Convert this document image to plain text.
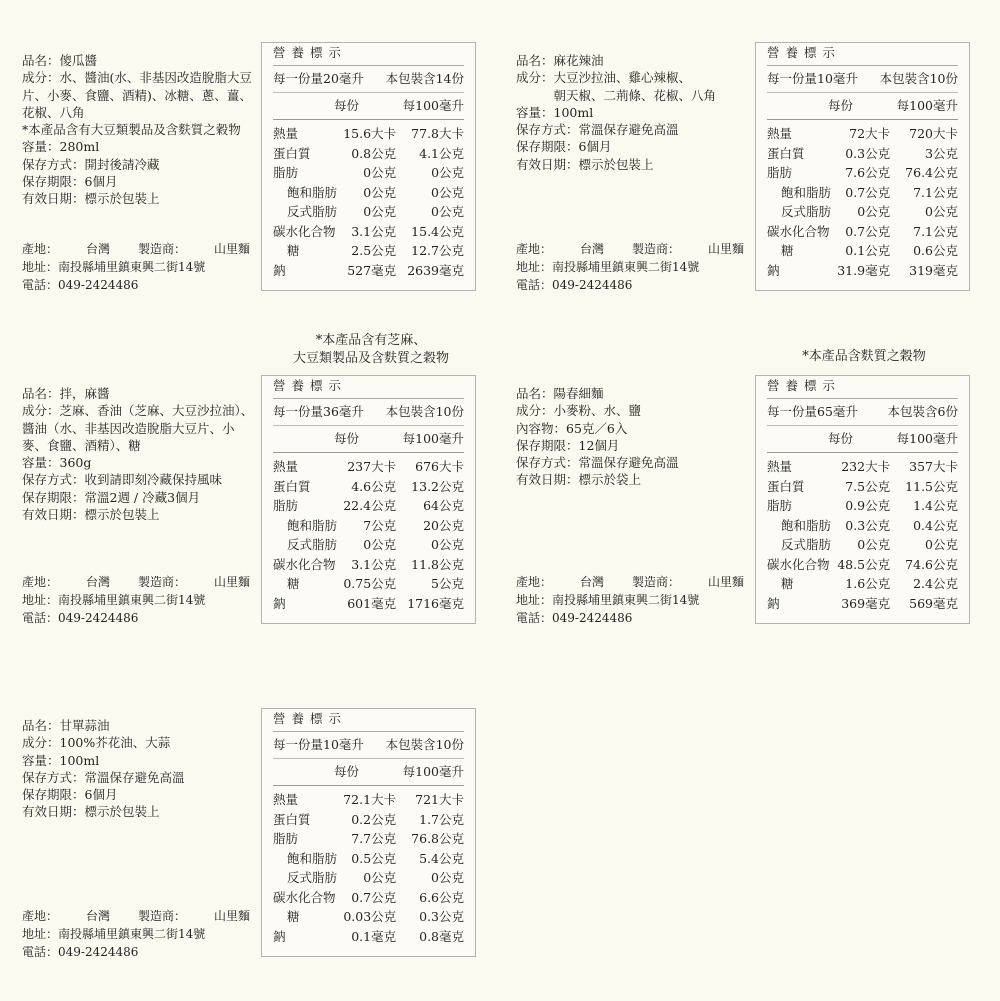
品名：傻瓜醬
成分：水、醬油(水、非基因改造脫脂大豆片、小麥、食鹽、酒精)、冰糖、蔥、薑、花椒、八角
*本產品含有大豆類製品及含麩質之穀物
容量：280ml
保存方式：開封後請冷藏
保存期限：6個月
有效日期：標示於包裝上
營 養 標 示
每一份量20毫升 本包裝含14份
每份	每100毫升
熱量	15.6大卡	77.8大卡
蛋白質	0.8公克	4.1公克
脂肪	0公克	0公克
飽和脂肪	0公克	0公克
反式脂肪	0公克	0公克
碳水化合物	3.1公克	15.4公克
糖	2.5公克	12.7公克
鈉	527毫克 2639毫克
產地： 台灣 製造商： 山里麵
地址：南投縣埔里鎮東興二街14號
電話：049-2424486
品名：麻花辣油
成分：大豆沙拉油、雞心辣椒、
　　　朝天椒、二荊條、花椒、八角
容量：100ml
保存方式：常溫保存避免高溫
保存期限：6個月
有效日期：標示於包裝上
營 養 標 示
每一份量10毫升 本包裝含10份
每份	每100毫升
熱量	72大卡	720大卡
蛋白質	0.3公克	3公克
脂肪	7.6公克	76.4公克
飽和脂肪	0.7公克	7.1公克
反式脂肪	0公克	0公克
碳水化合物	0.7公克	7.1公克
糖	0.1公克	0.6公克
鈉	31.9毫克	319毫克
產地： 台灣 製造商： 山里麵
地址：南投縣埔里鎮東興二街14號
電話：049-2424486
*本產品含有芝麻、
大豆類製品及含麩質之穀物	*本產品含麩質之穀物
品名：拌，麻醬
成分：芝麻、香油（芝麻、大豆沙拉油）、醬油（水、非基因改造脫脂大豆片、小麥、食鹽、酒精）、糖
容量：360g
保存方式：收到請即刻冷藏保持風味
保存期限：常溫2週 / 冷藏3個月
有效日期：標示於包裝上
營 養 標 示
每一份量36毫升 本包裝含10份
每份	每100毫升
熱量	237大卡	676大卡
蛋白質	4.6公克	13.2公克
脂肪	22.4公克	64公克
飽和脂肪	7公克	20公克
反式脂肪	0公克	0公克
碳水化合物	3.1公克	11.8公克
糖	0.75公克	5公克
鈉	601毫克 1716毫克
產地： 台灣 製造商： 山里麵
地址：南投縣埔里鎮東興二街14號
電話：049-2424486
品名：陽春細麵
成分：小麥粉、水、鹽
內容物：65克／6入
保存期限：12個月
保存方式：常溫保存避免高溫
有效日期：標示於袋上
營 養 標 示
每一份量65毫升 本包裝含6份
每份	每100毫升
熱量	232大卡	357大卡
蛋白質	7.5公克	11.5公克
脂肪	0.9公克	1.4公克
飽和脂肪	0.3公克	0.4公克
反式脂肪	0公克	0公克
碳水化合物 48.5公克	74.6公克
糖	1.6公克	2.4公克
鈉	369毫克	569毫克
產地： 台灣 製造商： 山里麵
地址：南投縣埔里鎮東興二街14號
電話：049-2424486
品名：甘單蒜油
成分：100%芥花油、大蒜
容量：100ml
保存方式：常溫保存避免高溫
保存期限：6個月
有效日期：標示於包裝上
營 養 標 示
每一份量10毫升 本包裝含10份
每份	每100毫升
熱量	72.1大卡	721大卡
蛋白質	0.2公克	1.7公克
脂肪	7.7公克	76.8公克
飽和脂肪	0.5公克	5.4公克
反式脂肪	0公克	0公克
碳水化合物	0.7公克	6.6公克
糖	0.03公克	0.3公克
鈉	0.1毫克	0.8毫克
產地： 台灣 製造商： 山里麵
地址：南投縣埔里鎮東興二街14號
電話：049-2424486
